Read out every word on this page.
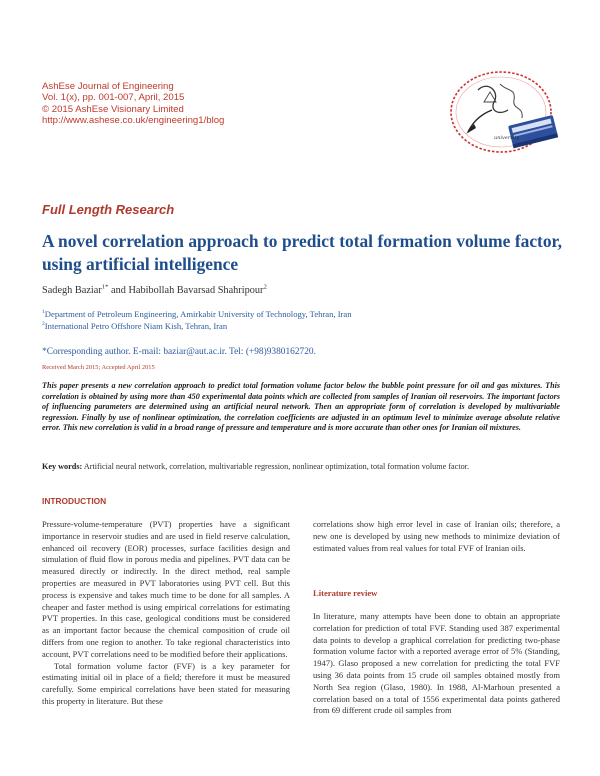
AshEse Journal of Engineering
Vol. 1(x), pp. 001-007, April, 2015
© 2015 AshEse Visionary Limited
http://www.ashese.co.uk/engineering1/blog
university
Full Length Research
A novel correlation approach to predict total formation volume factor, using artificial intelligence
Sadegh Baziar$^{1*}$ and Habibollah Bavarsad Shahripour$^2$
$^1$Department of Petroleum Engineering, Amirkabir University of Technology, Tehran, Iran
$^2$International Petro Offshore Niam Kish, Tehran, Iran
*Corresponding author. E-mail: baziar@aut.ac.ir. Tel: (+98)9380162720.
Received March 2015; Accepted April 2015
This paper presents a new correlation approach to predict total formation volume factor below the bubble point pressure for oil and gas mixtures. This correlation is obtained by using more than 450 experimental data points which are collected from samples of Iranian oil reservoirs. The important factors of influencing parameters are determined using an artificial neural network. Then an appropriate form of correlation is developed by multivariable regression. Finally by use of nonlinear optimization, the correlation coefficients are adjusted in an optimum level to minimize average absolute relative error. This new correlation is valid in a broad range of pressure and temperature and is more accurate than other ones for Iranian oil mixtures.
Key words: Artificial neural network, correlation, multivariable regression, nonlinear optimization, total formation volume factor.
INTRODUCTION

Pressure-volume-temperature (PVT) properties have a significant importance in reservoir studies and are used in field reserve calculation, enhanced oil recovery (EOR) processes, surface facilities design and simulation of fluid flow in porous media and pipelines. PVT data can be measured directly or indirectly. In the direct method, real sample properties are measured in PVT laboratories using PVT cell. But this process is expensive and takes much time to be done for all samples. A cheaper and faster method is using empirical correlations for estimating PVT properties. In this case, geological conditions must be considered as an important factor because the chemical composition of crude oil differs from one region to another. To take regional characteristics into account, PVT correlations need to be modified before their applications.

Total formation volume factor (FVF) is a key parameter for estimating initial oil in place of a field; therefore it must be measured carefully. Some empirical correlations have been stated for measuring this property in literature. But these

correlations show high error level in case of Iranian oils; therefore, a new one is developed by using new methods to minimize deviation of estimated values from real values for total FVF of Iranian oils.
Literature review
In literature, many attempts have been done to obtain an appropriate correlation for prediction of total FVF. Standing used 387 experimental data points to develop a graphical correlation for predicting two-phase formation volume factor with a reported average error of 5% (Standing, 1947). Glaso proposed a new correlation for predicting the total FVF using 36 data points from 15 crude oil samples obtained mostly from North Sea region (Glaso, 1980). In 1988, Al-Marhoun presented a correlation based on a total of 1556 experimental data points gathered from 69 different crude oil samples from
